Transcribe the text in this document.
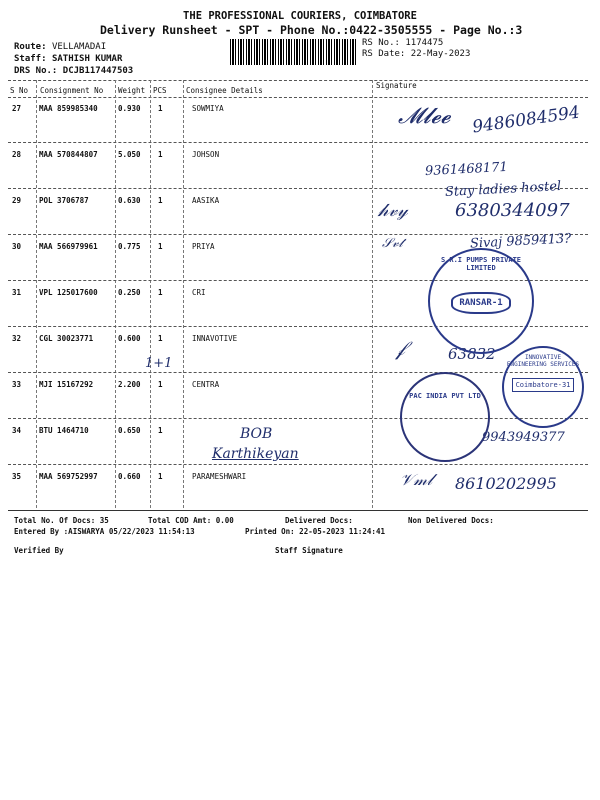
THE PROFESSIONAL COURIERS, COIMBATORE
Delivery Runsheet - SPT - Phone No.:0422-3505555 - Page No.:3
Route: VELLAMADAI
Staff: SATHISH KUMAR
DRS No.: DCJB117447503
RS No.: 1174475
RS Date: 22-May-2023
S No Consignment No Weight PCS	Consignee Details
Signature
27 MAA 859985340	0.930 1	SOWMIYA
28 MAA 570844807	5.050 1	JOHSON
29 POL 3706787	0.630 1	AASIKA
30 MAA 566979961	0.775 1	PRIYA
31 VPL 125017600	0.250 1	CRI
32 CGL 30023771	0.600 1	INNAVOTIVE
33 MJI 15167292	2.200 1	CENTRA
34 BTU 1464710	0.650 1
35 MAA 569752997	0.660 1	PARAMESHWARI
𝓜𝓵𝓮𝓮 9486084594
9361468171
Stay ladies hostel
𝒽𝓋𝓎	6380344097
𝒮𝓋𝓉	Sivaj 9859413?
𝒻	63832
1+1
BOB
Karthikeyan
9943949377
𝒱𝓂𝓁 8610202995
S.R.I PUMPS PRIVATE LIMITED
RANSAR-1
INNOVATIVE ENGINEERING SERVICES
Coimbatore-31
PAC INDIA PVT LTD
Total No. Of Docs: 35	Total COD Amt: 0.00	Delivered Docs:	Non Delivered Docs:
Entered By :AISWARYA 05/22/2023 11:54:13	Printed On: 22-05-2023 11:24:41
Verified By	Staff Signature
